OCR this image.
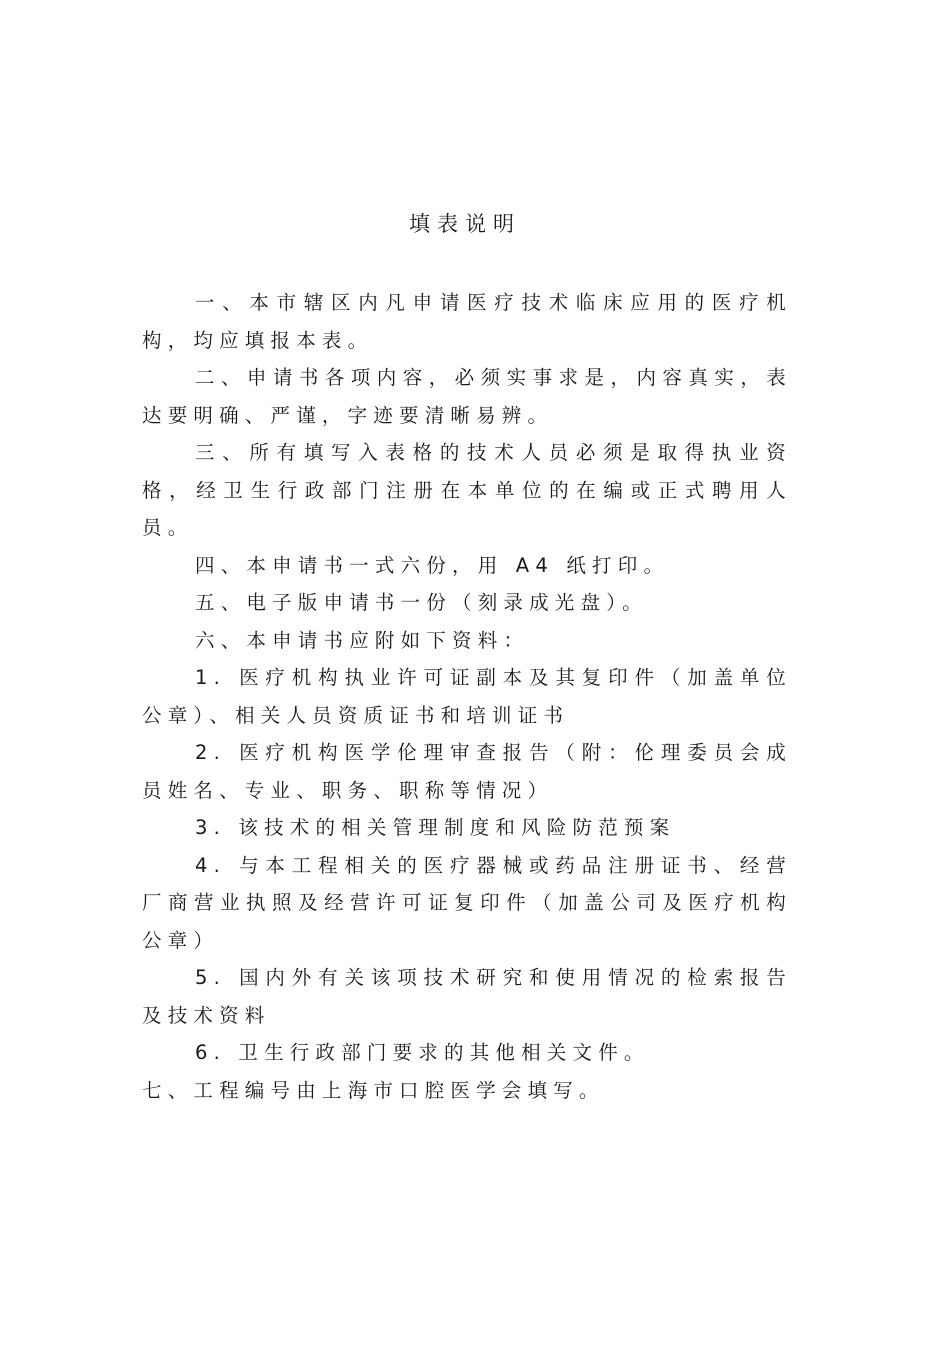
填表说明

一、本市辖区内凡申请医疗技术临床应用的医疗机构，均应填报本表。

二、申请书各项内容，必须实事求是，内容真实，表达要明确、严谨，字迹要清晰易辨。

三、所有填写入表格的技术人员必须是取得执业资格，经卫生行政部门注册在本单位的在编或正式聘用人员。

四、本申请书一式六份，用 A4 纸打印。

五、电子版申请书一份（刻录成光盘）。

六、本申请书应附如下资料：

1. 医疗机构执业许可证副本及其复印件（加盖单位公章）、相关人员资质证书和培训证书

2. 医疗机构医学伦理审查报告（附：伦理委员会成员姓名、专业、职务、职称等情况）

3. 该技术的相关管理制度和风险防范预案

4. 与本工程相关的医疗器械或药品注册证书、经营厂商营业执照及经营许可证复印件（加盖公司及医疗机构公章）

5. 国内外有关该项技术研究和使用情况的检索报告及技术资料

6. 卫生行政部门要求的其他相关文件。

七、工程编号由上海市口腔医学会填写。
